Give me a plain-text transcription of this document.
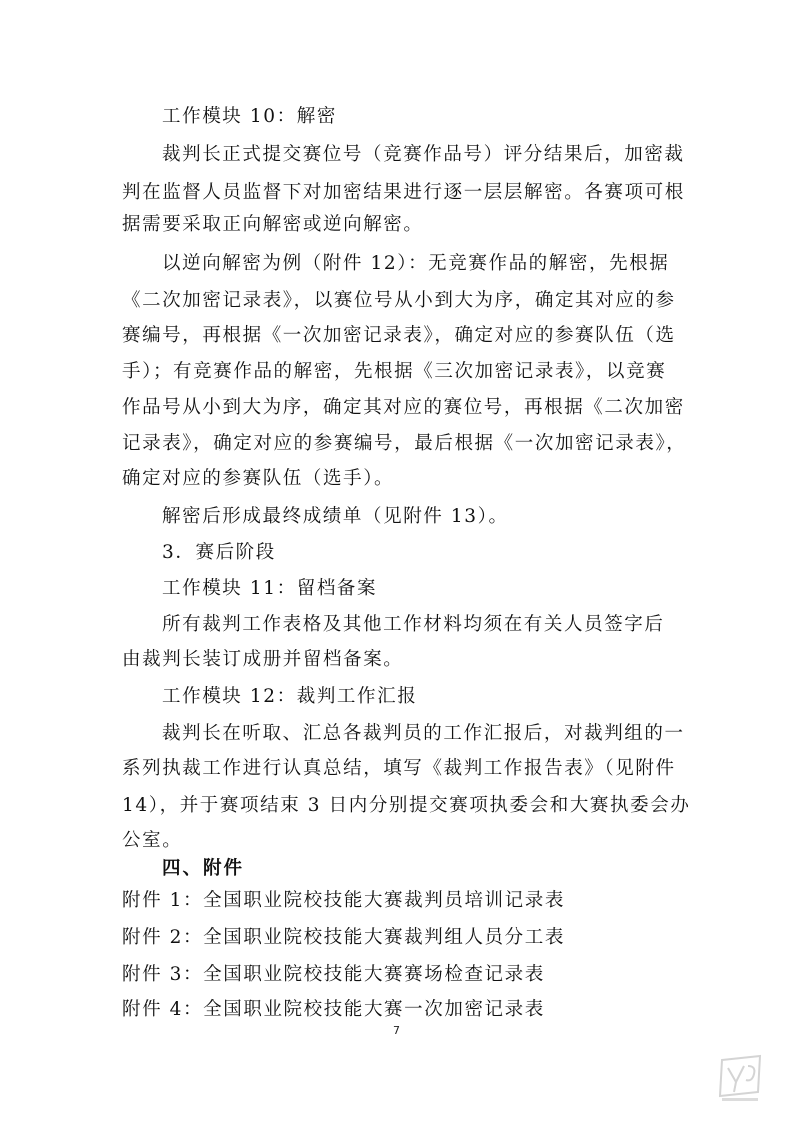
工作模块 10：解密
裁判长正式提交赛位号（竞赛作品号）评分结果后，加密裁
判在监督人员监督下对加密结果进行逐一层层解密。各赛项可根
据需要采取正向解密或逆向解密。
以逆向解密为例（附件 12）：无竞赛作品的解密，先根据
《二次加密记录表》，以赛位号从小到大为序，确定其对应的参
赛编号，再根据《一次加密记录表》，确定对应的参赛队伍（选
手）；有竞赛作品的解密，先根据《三次加密记录表》，以竞赛
作品号从小到大为序，确定其对应的赛位号，再根据《二次加密
记录表》，确定对应的参赛编号，最后根据《一次加密记录表》，
确定对应的参赛队伍（选手）。
解密后形成最终成绩单（见附件 13）。
3．赛后阶段
工作模块 11：留档备案
所有裁判工作表格及其他工作材料均须在有关人员签字后
由裁判长装订成册并留档备案。
工作模块 12：裁判工作汇报
裁判长在听取、汇总各裁判员的工作汇报后，对裁判组的一
系列执裁工作进行认真总结，填写《裁判工作报告表》（见附件
14），并于赛项结束 3 日内分别提交赛项执委会和大赛执委会办
公室。
四、附件
附件 1：全国职业院校技能大赛裁判员培训记录表
附件 2：全国职业院校技能大赛裁判组人员分工表
附件 3：全国职业院校技能大赛赛场检查记录表
附件 4：全国职业院校技能大赛一次加密记录表
7
